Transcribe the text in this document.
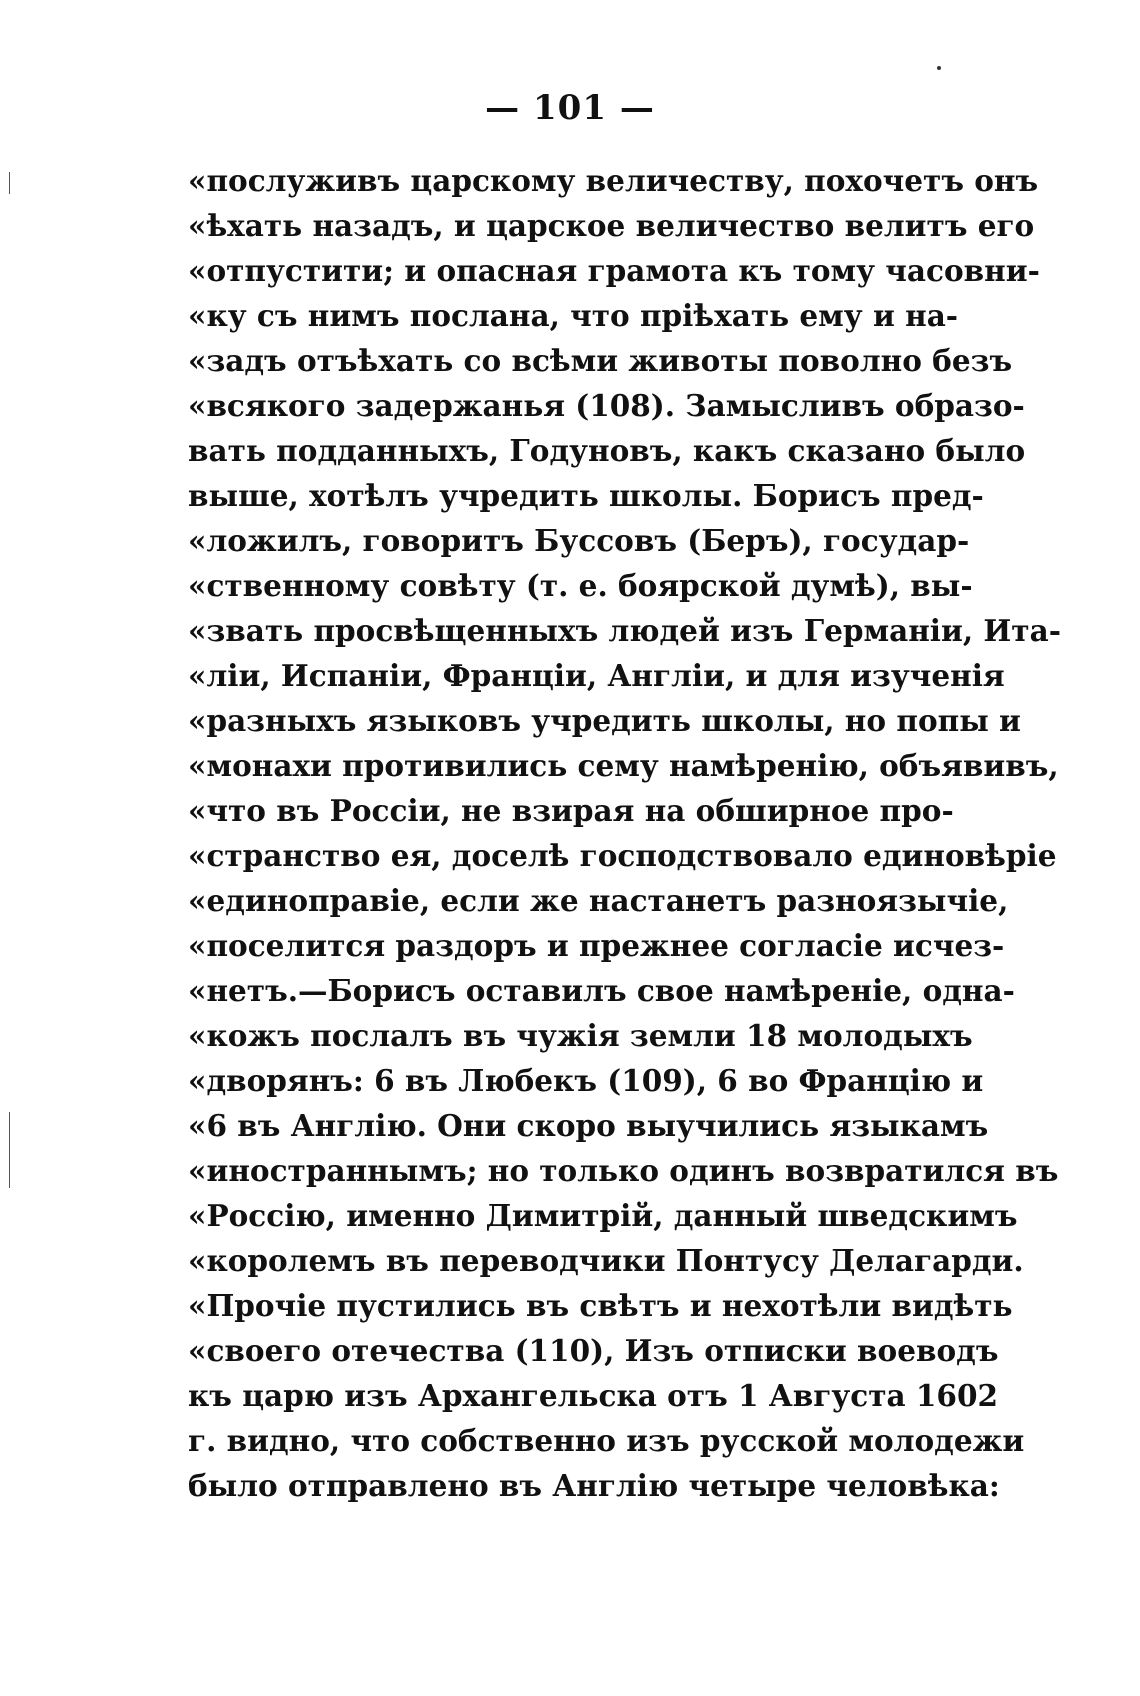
— 101 —
«послуживъ царскому величеству, похочетъ онъ
«ѣхать назадъ, и царское величество велитъ его
«отпустити; и опасная грамота къ тому часовни-
«ку съ нимъ послана, что пріѣхать ему и на-
«задъ отъѣхать со всѣми животы поволно безъ
«всякого задержанья (108). Замысливъ образо-
вать подданныхъ, Годуновъ, какъ сказано было
выше, хотѣлъ учредить школы. Борисъ пред-
«ложилъ, говоритъ Буссовъ (Беръ), государ-
«ственному совѣту (т. е. боярской думѣ), вы-
«звать просвѣщенныхъ людей изъ Германіи, Ита-
«ліи, Испаніи, Франціи, Англіи, и для изученія
«разныхъ языковъ учредить школы, но попы и
«монахи противились сему намѣренію, объявивъ,
«что въ Россіи, не взирая на обширное про-
«странство ея, доселѣ господствовало единовѣріе
«единоправіе, если же настанетъ разноязычіе,
«поселится раздоръ и прежнее согласіе исчез-
«нетъ.—Борисъ оставилъ свое намѣреніе, одна-
«кожъ послалъ въ чужія земли 18 молодыхъ
«дворянъ: 6 въ Любекъ (109), 6 во Францію и
«6 въ Англію. Они скоро выучились языкамъ
«иностраннымъ; но только одинъ возвратился въ
«Россію, именно Димитрій, данный шведскимъ
«королемъ въ переводчики Понтусу Делагарди.
«Прочіе пустились въ свѣтъ и нехотѣли видѣть
«своего отечества (110), Изъ отписки воеводъ
къ царю изъ Архангельска отъ 1 Августа 1602
г. видно, что собственно изъ русской молодежи
было отправлено въ Англію четыре человѣка:
